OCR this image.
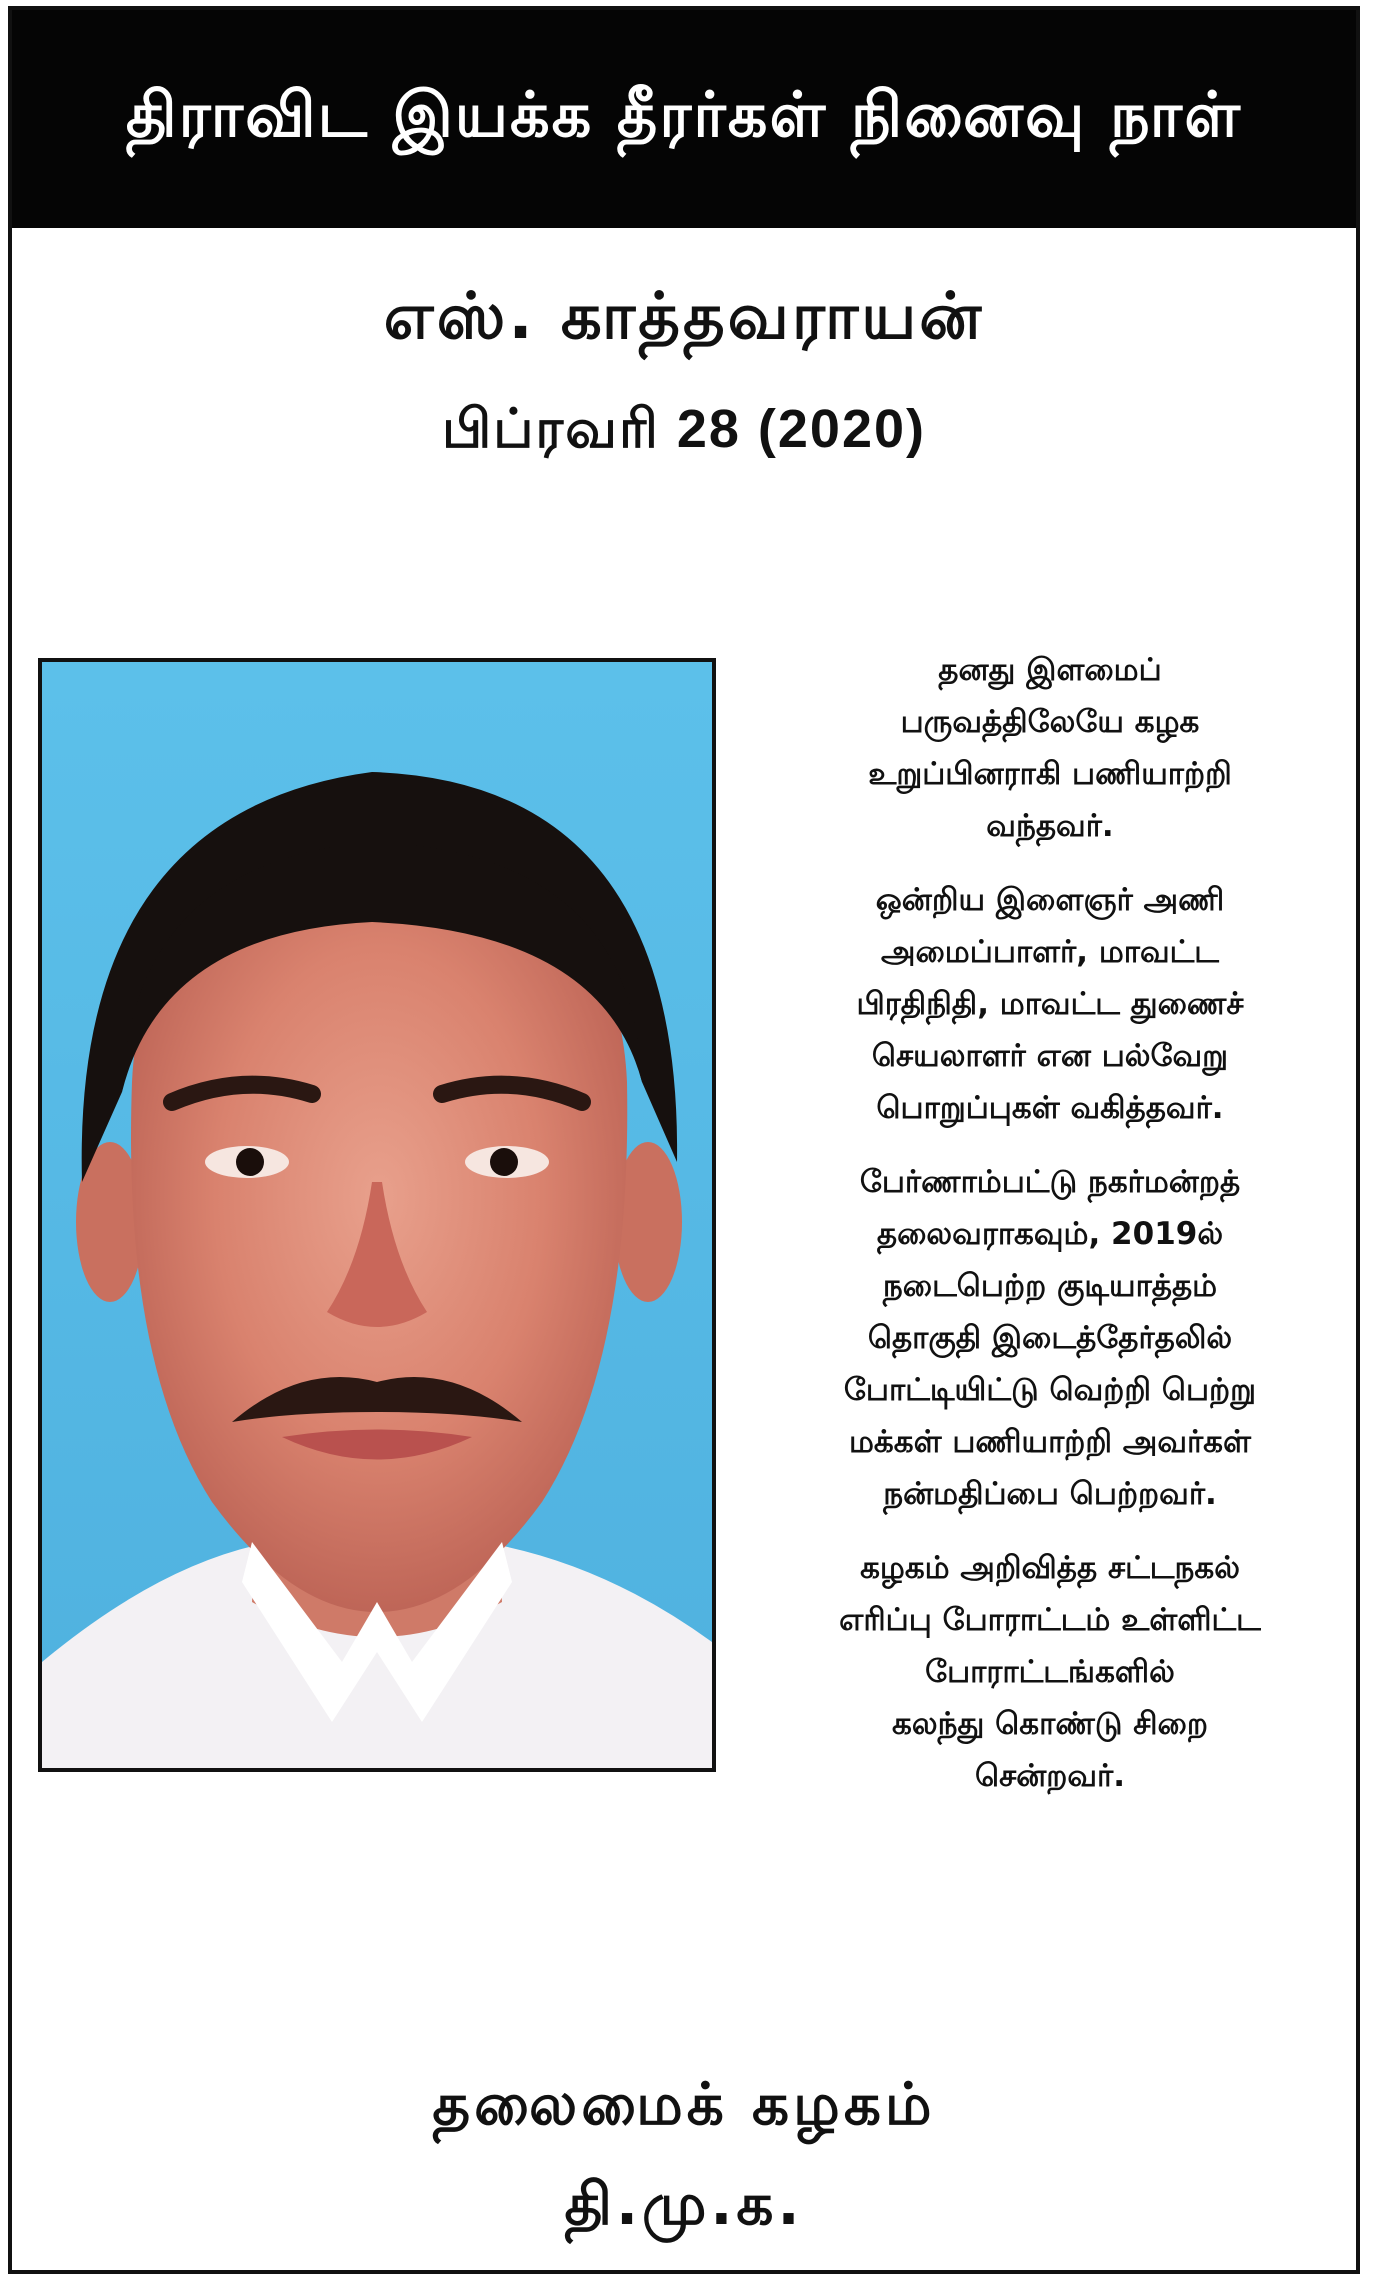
திராவிட இயக்க தீரர்கள் நினைவு நாள்
எஸ். காத்தவராயன்
பிப்ரவரி 28 (2020)
தனது இளமைப்
பருவத்திலேயே கழக
உறுப்பினராகி பணியாற்றி
வந்தவர்.
ஒன்றிய இளைஞர் அணி
அமைப்பாளர், மாவட்ட
பிரதிநிதி, மாவட்ட துணைச்
செயலாளர் என பல்வேறு
பொறுப்புகள் வகித்தவர்.
பேர்ணாம்பட்டு நகர்மன்றத்
தலைவராகவும், 2019ல்
நடைபெற்ற குடியாத்தம்
தொகுதி இடைத்தேர்தலில்
போட்டியிட்டு வெற்றி பெற்று
மக்கள் பணியாற்றி அவர்கள்
நன்மதிப்பை பெற்றவர்.
கழகம் அறிவித்த சட்டநகல்
எரிப்பு போராட்டம் உள்ளிட்ட
போராட்டங்களில்
கலந்து கொண்டு சிறை
சென்றவர்.
தலைமைக் கழகம்
தி.மு.க.
